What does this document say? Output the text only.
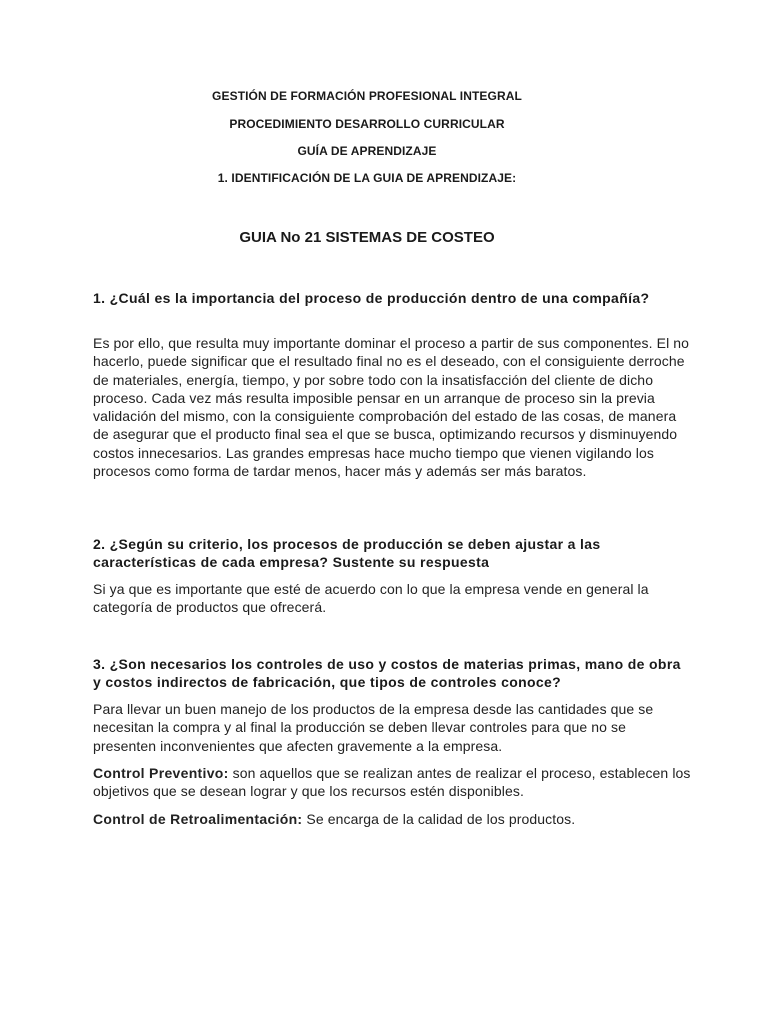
GESTIÓN DE FORMACIÓN PROFESIONAL INTEGRAL
PROCEDIMIENTO DESARROLLO CURRICULAR
GUÍA DE APRENDIZAJE
1. IDENTIFICACIÓN DE LA GUIA DE APRENDIZAJE:
GUIA No 21 SISTEMAS DE COSTEO
1. ¿Cuál es la importancia del proceso de producción dentro de una compañía?
Es por ello, que resulta muy importante dominar el proceso a partir de sus componentes. El no hacerlo, puede significar que el resultado final no es el deseado, con el consiguiente derroche de materiales, energía, tiempo, y por sobre todo con la insatisfacción del cliente de dicho proceso. Cada vez más resulta imposible pensar en un arranque de proceso sin la previa validación del mismo, con la consiguiente comprobación del estado de las cosas, de manera de asegurar que el producto final sea el que se busca, optimizando recursos y disminuyendo costos innecesarios. Las grandes empresas hace mucho tiempo que vienen vigilando los procesos como forma de tardar menos, hacer más y además ser más baratos.
2. ¿Según su criterio, los procesos de producción se deben ajustar a las características de cada empresa? Sustente su respuesta
Si ya que es importante que esté de acuerdo con lo que la empresa vende en general la categoría de productos que ofrecerá.
3. ¿Son necesarios los controles de uso y costos de materias primas, mano de obra y costos indirectos de fabricación, que tipos de controles conoce?
Para llevar un buen manejo de los productos de la empresa desde las cantidades que se necesitan la compra y al final la producción se deben llevar controles para que no se presenten inconvenientes que afecten gravemente a la empresa.
Control Preventivo: son aquellos que se realizan antes de realizar el proceso, establecen los objetivos que se desean lograr y que los recursos estén disponibles.
Control de Retroalimentación: Se encarga de la calidad de los productos.
